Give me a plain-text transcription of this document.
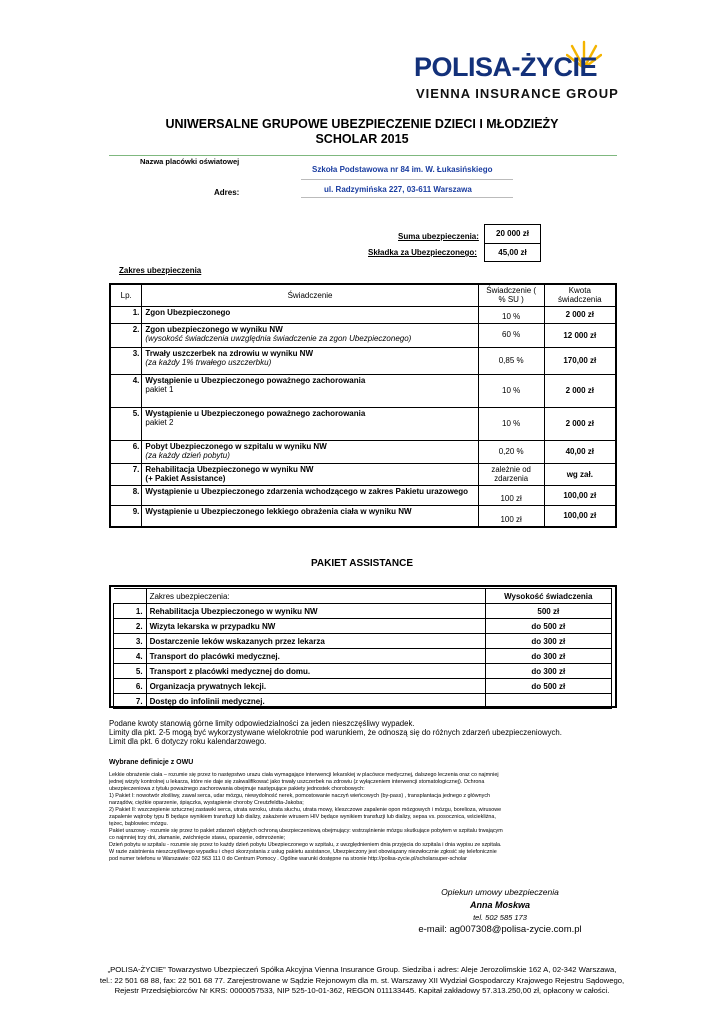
POLISA-ŻYCIE
VIENNA INSURANCE GROUP
UNIWERSALNE GRUPOWE UBEZPIECZENIE DZIECI I MŁODZIEŻY
SCHOLAR 2015
Nazwa placówki oświatowej
Szkoła Podstawowa nr 84 im. W. Łukasińskiego
Adres:	ul. Radzymińska 227, 03-611 Warszawa
Suma ubezpieczenia:	20 000 zł
Składka za Ubezpieczonego:	45,00 zł
Zakres ubezpieczenia
Lp.	Świadczenie	Świadczenie ( % SU )	Kwota świadczenia
1.	Zgon Ubezpieczonego	10 %	2 000 zł
2.	Zgon ubezpieczonego w wyniku NW
(wysokość świadczenia uwzględnia świadczenie za zgon Ubezpieczonego)	60 %	12 000 zł
3.	Trwały uszczerbek na zdrowiu w wyniku NW
(za każdy 1% trwałego uszczerbku)	0,85 %	170,00 zł
4.	Wystąpienie u Ubezpieczonego poważnego zachorowania
pakiet 1	10 %	2 000 zł
5.	Wystąpienie u Ubezpieczonego poważnego zachorowania
pakiet 2	10 %	2 000 zł
6.	Pobyt Ubezpieczonego w szpitalu w wyniku NW
(za każdy dzień pobytu)	0,20 %	40,00 zł
7.	Rehabilitacja Ubezpieczonego w wyniku NW
(+ Pakiet Assistance)	zależnie od zdarzenia	wg zał.
8.	Wystąpienie u Ubezpieczonego zdarzenia wchodzącego w zakres Pakietu urazowego	100 zł	100,00 zł
9.	Wystąpienie u Ubezpieczonego lekkiego obrażenia ciała w wyniku NW	100 zł	100,00 zł
PAKIET ASSISTANCE
	Zakres ubezpieczenia:	Wysokość świadczenia
1.	Rehabilitacja Ubezpieczonego w wyniku NW	500 zł
2.	Wizyta lekarska w przypadku NW	do 500 zł
3.	Dostarczenie leków wskazanych przez lekarza	do 300 zł
4.	Transport do placówki medycznej.	do 300 zł
5.	Transport z placówki medycznej do domu.	do 300 zł
6.	Organizacja prywatnych lekcji.	do 500 zł
7.	Dostęp do infolinii medycznej.	
Podane kwoty stanowią górne limity odpowiedzialności za jeden nieszczęśliwy wypadek.
Limity dla pkt. 2-5 mogą być wykorzystywane wielokrotnie pod warunkiem, że odnoszą się do różnych zdarzeń ubezpieczeniowych.
Limit dla pkt. 6 dotyczy roku kalendarzowego.
Wybrane definicje z OWU
Lekkie obrażenie ciała – rozumie się przez to następstwo urazu ciała wymagające interwencji lekarskiej w placówce medycznej, dalszego leczenia oraz co najmniej
jednej wizyty kontrolnej u lekarza, które nie daje się zakwalifikować jako trwały uszczerbek na zdrowiu (z wyłączeniem interwencji stomatologicznej). Ochrona
ubezpieczeniowa z tytułu poważnego zachorowania obejmuje następujące pakiety jednostek chorobowych:
1) Pakiet I: nowotwór złośliwy, zawał serca, udar mózgu, niewydolność nerek, pomostowanie naczyń wieńcowych (by-pass) , transplantacja jednego z głównych
narządów, ciężkie oparzenie, śpiączka, wystąpienie choroby Creutzfeldta-Jakoba;
2) Pakiet II: wszczepienie sztucznej zastawki serca, utrata wzroku, utrata słuchu, utrata mowy, kleszczowe zapalenie opon mózgowych i mózgu, borelioza, wirusowe
zapalenie wątroby typu B będące wynikiem transfuzji lub dializy, zakażenie wirusem HIV będące wynikiem transfuzji lub dializy, sepsa vs. posocznica, wściekliżna,
tężec, bąblowiec mózgu.
Pakiet urazowy - rozumie się przez to pakiet zdarzeń objętych ochroną ubezpieczeniową obejmujący: wstrząśnienie mózgu skutkujące pobytem w szpitalu trwającym
co najmniej trzy dni, złamanie, zwichnięcie stawu, oparzenie, odmrożenie;
Dzień pobytu w szpitalu - rozumie się przez to każdy dzień pobytu Ubezpieczonego w szpitalu, z uwzględnieniem dnia przyjęcia do szpitala i dnia wypisu ze szpitala.
W razie zaistnienia nieszczęśliwego wypadku i chęci skorzystania z usług pakietu assistance, Ubezpieczony jest obowiązany niezwłocznie zgłosić się telefonicznie
pod numer telefonu w Warszawie: 022 563 111 0 do Centrum Pomocy . Ogólne warunki dostępne na stronie http://polisa-zycie.pl/scholarsuper-scholar
Opiekun umowy ubezpieczenia
Anna Moskwa
tel. 502 585 173
e-mail: ag007308@polisa-zycie.com.pl
„POLISA-ŻYCIE” Towarzystwo Ubezpieczeń Spółka Akcyjna Vienna Insurance Group. Siedziba i adres: Aleje Jerozolimskie 162 A, 02-342 Warszawa,
tel.: 22 501 68 88, fax: 22 501 68 77. Zarejestrowane w Sądzie Rejonowym dla m. st. Warszawy XII Wydział Gospodarczy Krajowego Rejestru Sądowego,
Rejestr Przedsiębiorców Nr KRS: 0000057533, NIP 525-10-01-362, REGON 011133445. Kapitał zakładowy 57.313.250,00 zł, opłacony w całości.
